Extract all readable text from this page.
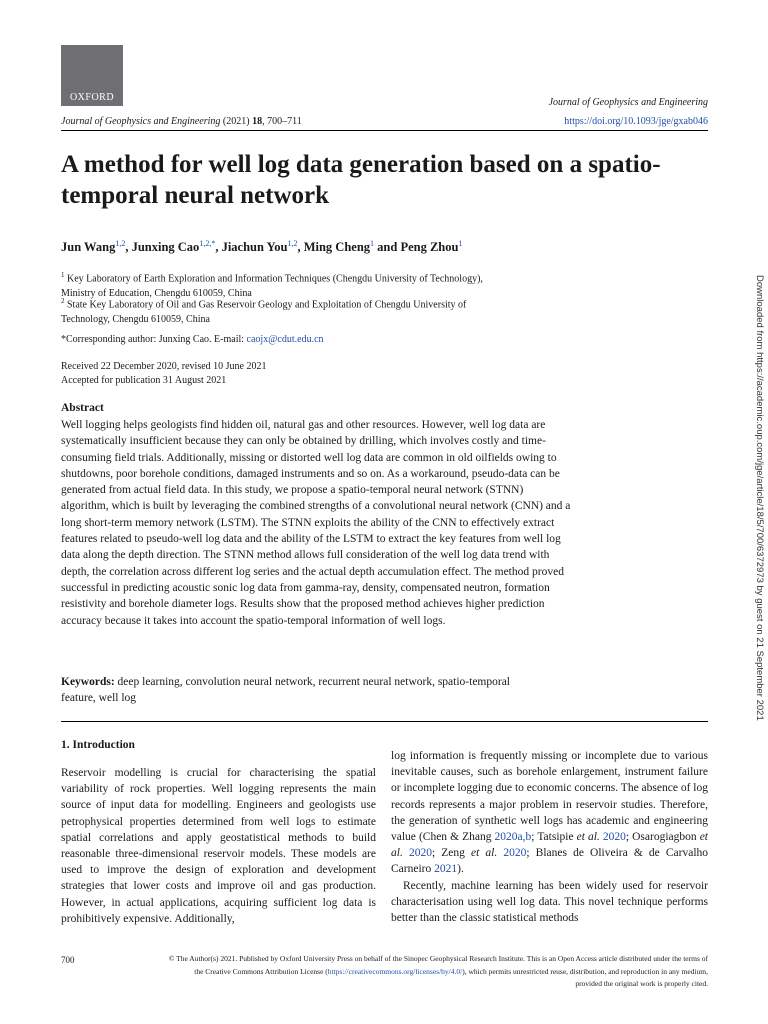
OXFORD	Journal of Geophysics and Engineering
Journal of Geophysics and Engineering (2021) 18, 700–711	https://doi.org/10.1093/jge/gxab046
A method for well log data generation based on a spatio-temporal neural network
Jun Wang$^{1,2}$, Junxing Cao$^{1,2,*}$, Jiachun You$^{1,2}$, Ming Cheng$^1$ and Peng Zhou$^1$
$^1$ Key Laboratory of Earth Exploration and Information Techniques (Chengdu University of Technology),
Ministry of Education, Chengdu 610059, China
$^2$ State Key Laboratory of Oil and Gas Reservoir Geology and Exploitation of Chengdu University of
Technology, Chengdu 610059, China
*Corresponding author: Junxing Cao. E-mail: caojx@cdut.edu.cn
Received 22 December 2020, revised 10 June 2021
Accepted for publication 31 August 2021
Abstract
Well logging helps geologists find hidden oil, natural gas and other resources. However, well log data are systematically insufficient because they can only be obtained by drilling, which involves costly and time-consuming field trials. Additionally, missing or distorted well log data are common in old oilfields owing to shutdowns, poor borehole conditions, damaged instruments and so on. As a workaround, pseudo-data can be generated from actual field data. In this study, we propose a spatio-temporal neural network (STNN) algorithm, which is built by leveraging the combined strengths of a convolutional neural network (CNN) and a long short-term memory network (LSTM). The STNN exploits the ability of the CNN to effectively extract features related to pseudo-well log data and the ability of the LSTM to extract the key features from well log data along the depth direction. The STNN method allows full consideration of the well log data trend with depth, the correlation across different log series and the actual depth accumulation effect. The method proved successful in predicting acoustic sonic log data from gamma-ray, density, compensated neutron, formation resistivity and borehole diameter logs. Results show that the proposed method achieves higher prediction accuracy because it takes into account the spatio-temporal information of well logs.
Keywords: deep learning, convolution neural network, recurrent neural network, spatio-temporal feature, well log
1. Introduction
Reservoir modelling is crucial for characterising the spatial variability of rock properties. Well logging represents the main source of input data for modelling. Engineers and geologists use petrophysical properties determined from well logs to estimate spatial correlations and apply geostatistical methods to build reasonable three-dimensional reservoir models. These models are used to improve the design of exploration and development strategies that lower costs and improve oil and gas production. However, in actual applications, acquiring sufficient log data is prohibitively expensive. Additionally,
log information is frequently missing or incomplete due to various inevitable causes, such as borehole enlargement, instrument failure or incomplete logging due to economic concerns. The absence of log records represents a major problem in reservoir studies. Therefore, the generation of synthetic well logs has academic and engineering value (Chen & Zhang 2020a,b; Tatsipie et al. 2020; Osarogiagbon et al. 2020; Zeng et al. 2020; Blanes de Oliveira & de Carvalho Carneiro 2021).
Recently, machine learning has been widely used for reservoir characterisation using well log data. This novel technique performs better than the classic statistical methods
700	© The Author(s) 2021. Published by Oxford University Press on behalf of the Sinopec Geophysical Research Institute. This is an Open Access article distributed under the terms of
the Creative Commons Attribution License (https://creativecommons.org/licenses/by/4.0/), which permits unrestricted reuse, distribution, and reproduction in any medium,
provided the original work is properly cited.
Downloaded from https://academic.oup.com/jge/article/18/5/700/6372973 by guest on 21 September 2021
